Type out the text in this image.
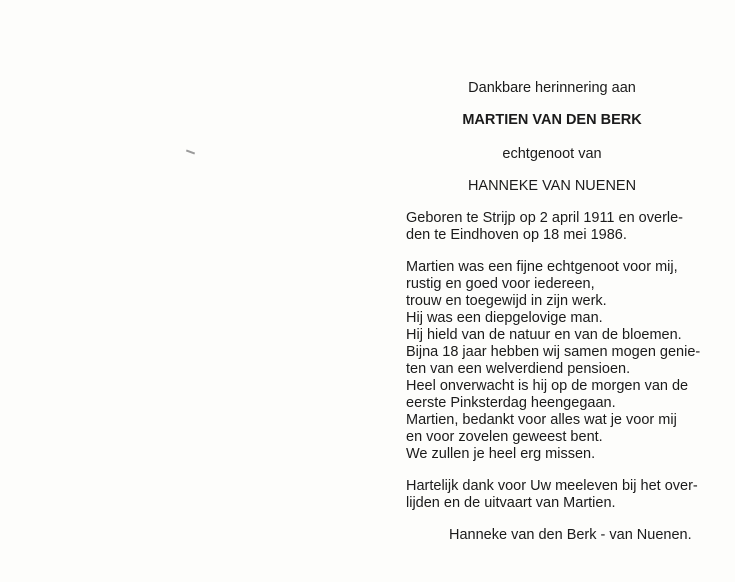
Dankbare herinnering aan
MARTIEN VAN DEN BERK
echtgenoot van
HANNEKE VAN NUENEN
Geboren te Strijp op 2 april 1911 en overle-
den te Eindhoven op 18 mei 1986.
Martien was een fijne echtgenoot voor mij,
rustig en goed voor iedereen,
trouw en toegewijd in zijn werk.
Hij was een diepgelovige man.
Hij hield van de natuur en van de bloemen.
Bijna 18 jaar hebben wij samen mogen genie-
ten van een welverdiend pensioen.
Heel onverwacht is hij op de morgen van de
eerste Pinksterdag heengegaan.
Martien, bedankt voor alles wat je voor mij
en voor zovelen geweest bent.
We zullen je heel erg missen.
Hartelijk dank voor Uw meeleven bij het over-
lijden en de uitvaart van Martien.
Hanneke van den Berk - van Nuenen.
